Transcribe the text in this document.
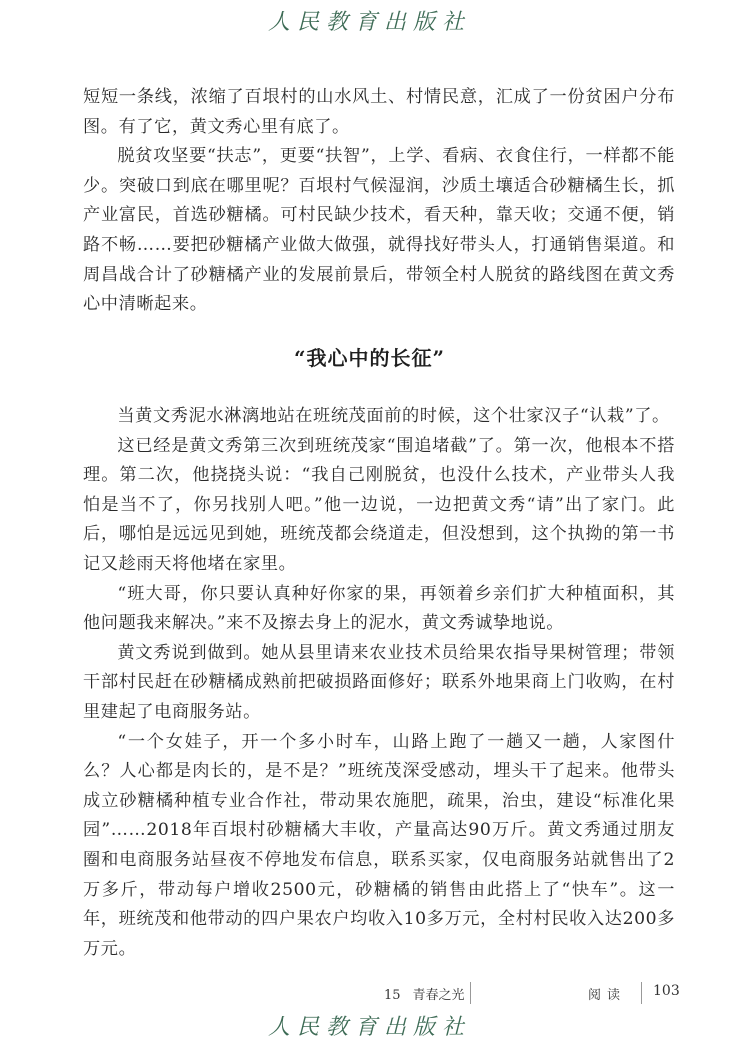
人民教育出版社

短短一条线，浓缩了百垠村的山水风土、村情民意，汇成了一份贫困户分布图。有了它，黄文秀心里有底了。

脱贫攻坚要“扶志”，更要“扶智”，上学、看病、衣食住行，一样都不能少。突破口到底在哪里呢？百垠村气候湿润，沙质土壤适合砂糖橘生长，抓产业富民，首选砂糖橘。可村民缺少技术，看天种，靠天收；交通不便，销路不畅……要把砂糖橘产业做大做强，就得找好带头人，打通销售渠道。和周昌战合计了砂糖橘产业的发展前景后，带领全村人脱贫的路线图在黄文秀心中清晰起来。

“我心中的长征”

当黄文秀泥水淋漓地站在班统茂面前的时候，这个壮家汉子“认栽”了。

这已经是黄文秀第三次到班统茂家“围追堵截”了。第一次，他根本不搭理。第二次，他挠挠头说：“我自己刚脱贫，也没什么技术，产业带头人我怕是当不了，你另找别人吧。”他一边说，一边把黄文秀“请”出了家门。此后，哪怕是远远见到她，班统茂都会绕道走，但没想到，这个执拗的第一书记又趁雨天将他堵在家里。

“班大哥，你只要认真种好你家的果，再领着乡亲们扩大种植面积，其他问题我来解决。”来不及擦去身上的泥水，黄文秀诚挚地说。

黄文秀说到做到。她从县里请来农业技术员给果农指导果树管理；带领干部村民赶在砂糖橘成熟前把破损路面修好；联系外地果商上门收购，在村里建起了电商服务站。

“一个女娃子，开一个多小时车，山路上跑了一趟又一趟，人家图什么？人心都是肉长的，是不是？”班统茂深受感动，埋头干了起来。他带头成立砂糖橘种植专业合作社，带动果农施肥，疏果，治虫，建设“标准化果园”……2018年百垠村砂糖橘大丰收，产量高达90万斤。黄文秀通过朋友圈和电商服务站昼夜不停地发布信息，联系买家，仅电商服务站就售出了2万多斤，带动每户增收2500元，砂糖橘的销售由此搭上了“快车”。这一年，班统茂和他带动的四户果农户均收入10多万元，全村村民收入达200多万元。

15 青春之光	阅读 103
人民教育出版社
